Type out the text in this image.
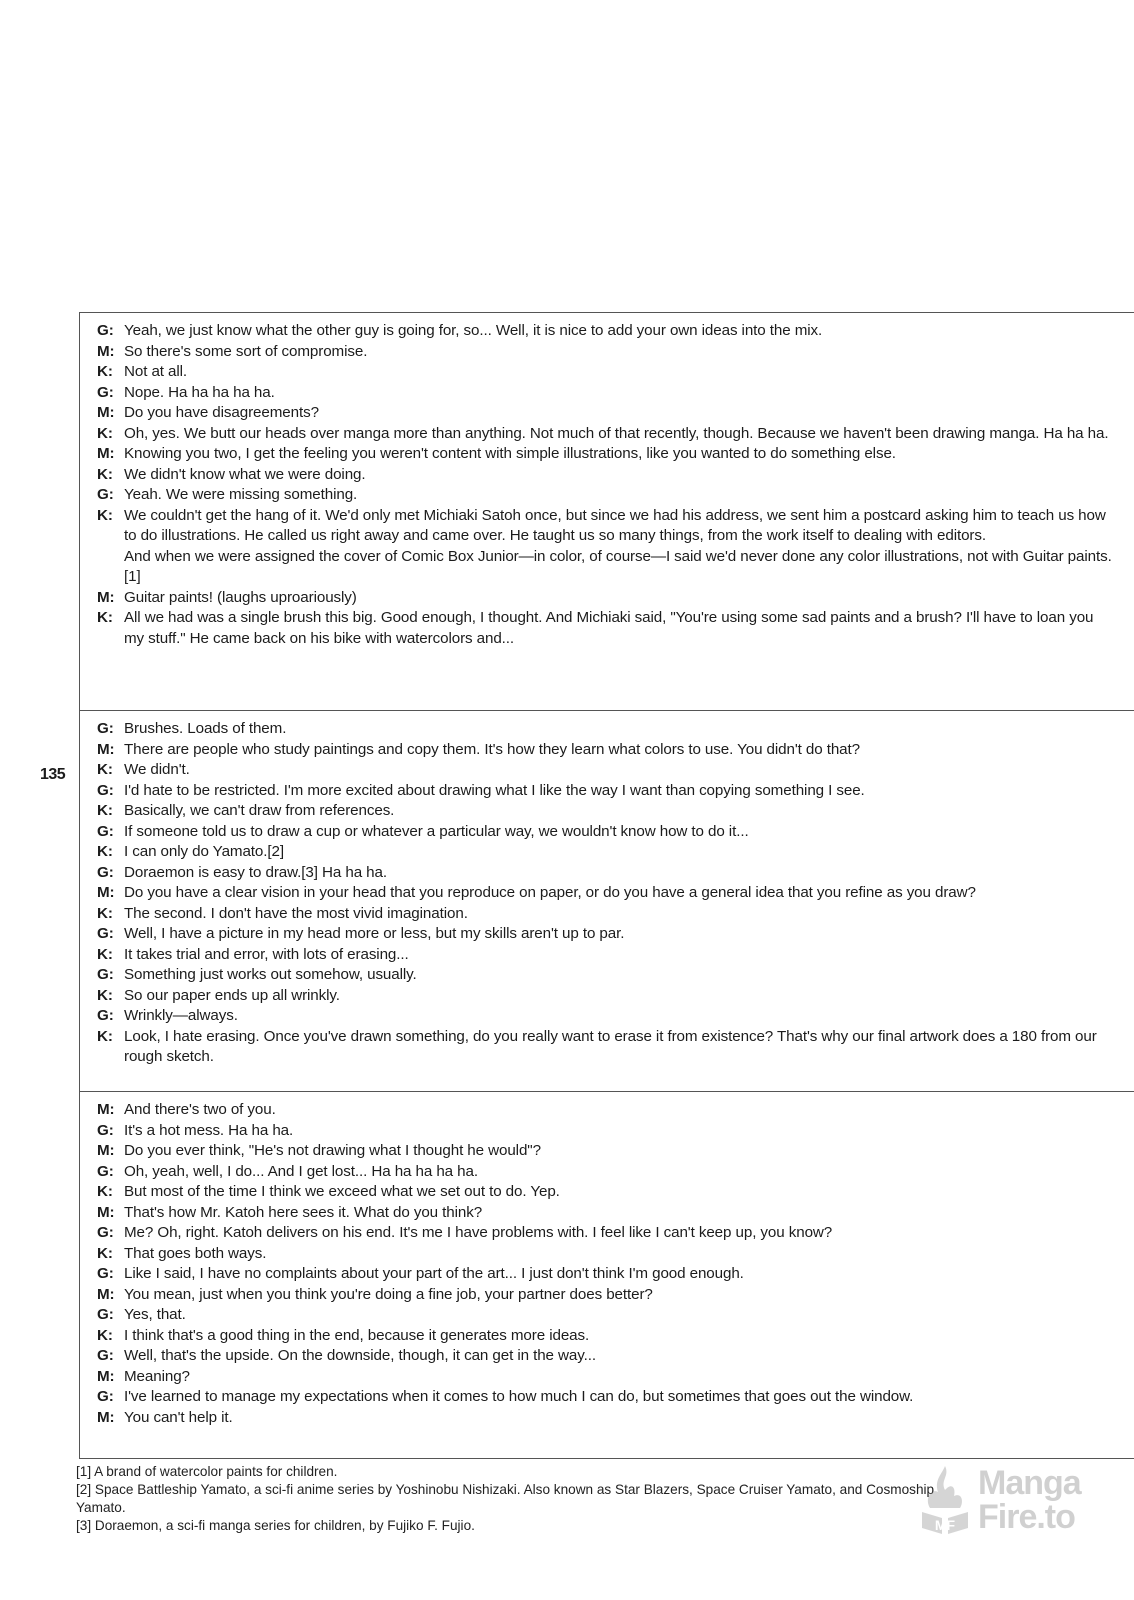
135
G: Yeah, we just know what the other guy is going for, so... Well, it is nice to add your own ideas into the mix.
M: So there's some sort of compromise.
K: Not at all.
G: Nope. Ha ha ha ha ha.
M: Do you have disagreements?
K: Oh, yes. We butt our heads over manga more than anything. Not much of that recently, though. Because we haven't been drawing manga. Ha ha ha.
M: Knowing you two, I get the feeling you weren't content with simple illustrations, like you wanted to do something else.
K: We didn't know what we were doing.
G: Yeah. We were missing something.
K: We couldn't get the hang of it. We'd only met Michiaki Satoh once, but since we had his address, we sent him a postcard asking him to teach us how to do illustrations. He called us right away and came over. He taught us so many things, from the work itself to dealing with editors.
And when we were assigned the cover of Comic Box Junior—in color, of course—I said we'd never done any color illustrations, not with Guitar paints.[1]
M: Guitar paints! (laughs uproariously)
K: All we had was a single brush this big. Good enough, I thought. And Michiaki said, "You're using some sad paints and a brush? I'll have to loan you my stuff." He came back on his bike with watercolors and...
G: Brushes. Loads of them.
M: There are people who study paintings and copy them. It's how they learn what colors to use. You didn't do that?
K: We didn't.
G: I'd hate to be restricted. I'm more excited about drawing what I like the way I want than copying something I see.
K: Basically, we can't draw from references.
G: If someone told us to draw a cup or whatever a particular way, we wouldn't know how to do it...
K: I can only do Yamato.[2]
G: Doraemon is easy to draw.[3] Ha ha ha.
M: Do you have a clear vision in your head that you reproduce on paper, or do you have a general idea that you refine as you draw?
K: The second. I don't have the most vivid imagination.
G: Well, I have a picture in my head more or less, but my skills aren't up to par.
K: It takes trial and error, with lots of erasing...
G: Something just works out somehow, usually.
K: So our paper ends up all wrinkly.
G: Wrinkly—always.
K: Look, I hate erasing. Once you've drawn something, do you really want to erase it from existence? That's why our final artwork does a 180 from our rough sketch.
M: And there's two of you.
G: It's a hot mess. Ha ha ha.
M: Do you ever think, "He's not drawing what I thought he would"?
G: Oh, yeah, well, I do... And I get lost... Ha ha ha ha ha.
K: But most of the time I think we exceed what we set out to do. Yep.
M: That's how Mr. Katoh here sees it. What do you think?
G: Me? Oh, right. Katoh delivers on his end. It's me I have problems with. I feel like I can't keep up, you know?
K: That goes both ways.
G: Like I said, I have no complaints about your part of the art... I just don't think I'm good enough.
M: You mean, just when you think you're doing a fine job, your partner does better?
G: Yes, that.
K: I think that's a good thing in the end, because it generates more ideas.
G: Well, that's the upside. On the downside, though, it can get in the way...
M: Meaning?
G: I've learned to manage my expectations when it comes to how much I can do, but sometimes that goes out the window.
M: You can't help it.
[1] A brand of watercolor paints for children.
[2] Space Battleship Yamato, a sci-fi anime series by Yoshinobu Nishizaki. Also known as Star Blazers, Space Cruiser Yamato, and Cosmoship Yamato.
[3] Doraemon, a sci-fi manga series for children, by Fujiko F. Fujio.	MF
Manga
Fire.to
